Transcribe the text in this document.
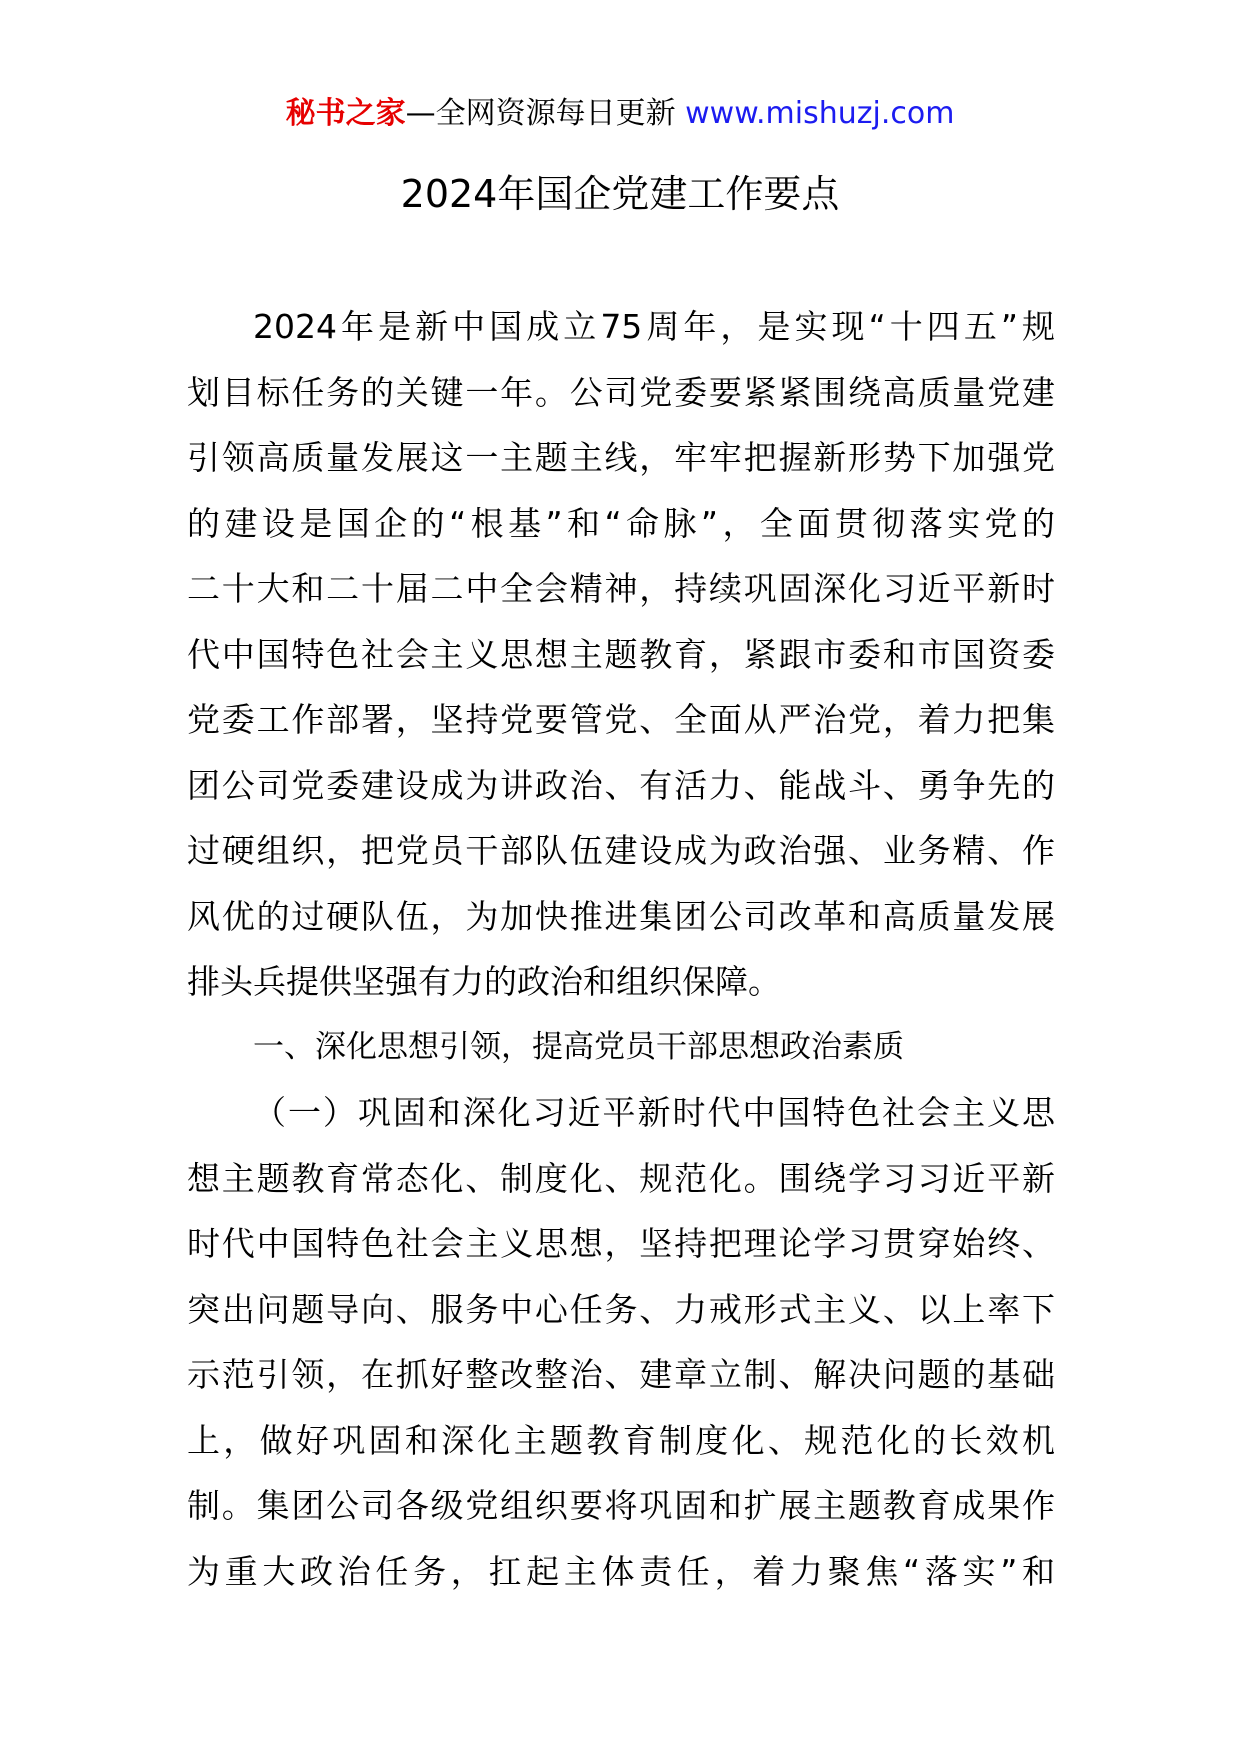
秘书之家—全网资源每日更新 www.mishuzj.com
2024年国企党建工作要点
2024年是新中国成立75周年，是实现“十四五”规
划目标任务的关键一年。公司党委要紧紧围绕高质量党建
引领高质量发展这一主题主线，牢牢把握新形势下加强党
的建设是国企的“根基”和“命脉”，全面贯彻落实党的
二十大和二十届二中全会精神，持续巩固深化习近平新时
代中国特色社会主义思想主题教育，紧跟市委和市国资委
党委工作部署，坚持党要管党、全面从严治党，着力把集
团公司党委建设成为讲政治、有活力、能战斗、勇争先的
过硬组织，把党员干部队伍建设成为政治强、业务精、作
风优的过硬队伍，为加快推进集团公司改革和高质量发展
排头兵提供坚强有力的政治和组织保障。
一、深化思想引领，提高党员干部思想政治素质
（一）巩固和深化习近平新时代中国特色社会主义思
想主题教育常态化、制度化、规范化。围绕学习习近平新
时代中国特色社会主义思想，坚持把理论学习贯穿始终、
突出问题导向、服务中心任务、力戒形式主义、以上率下
示范引领，在抓好整改整治、建章立制、解决问题的基础
上，做好巩固和深化主题教育制度化、规范化的长效机
制。集团公司各级党组织要将巩固和扩展主题教育成果作
为重大政治任务，扛起主体责任，着力聚焦“落实”和
